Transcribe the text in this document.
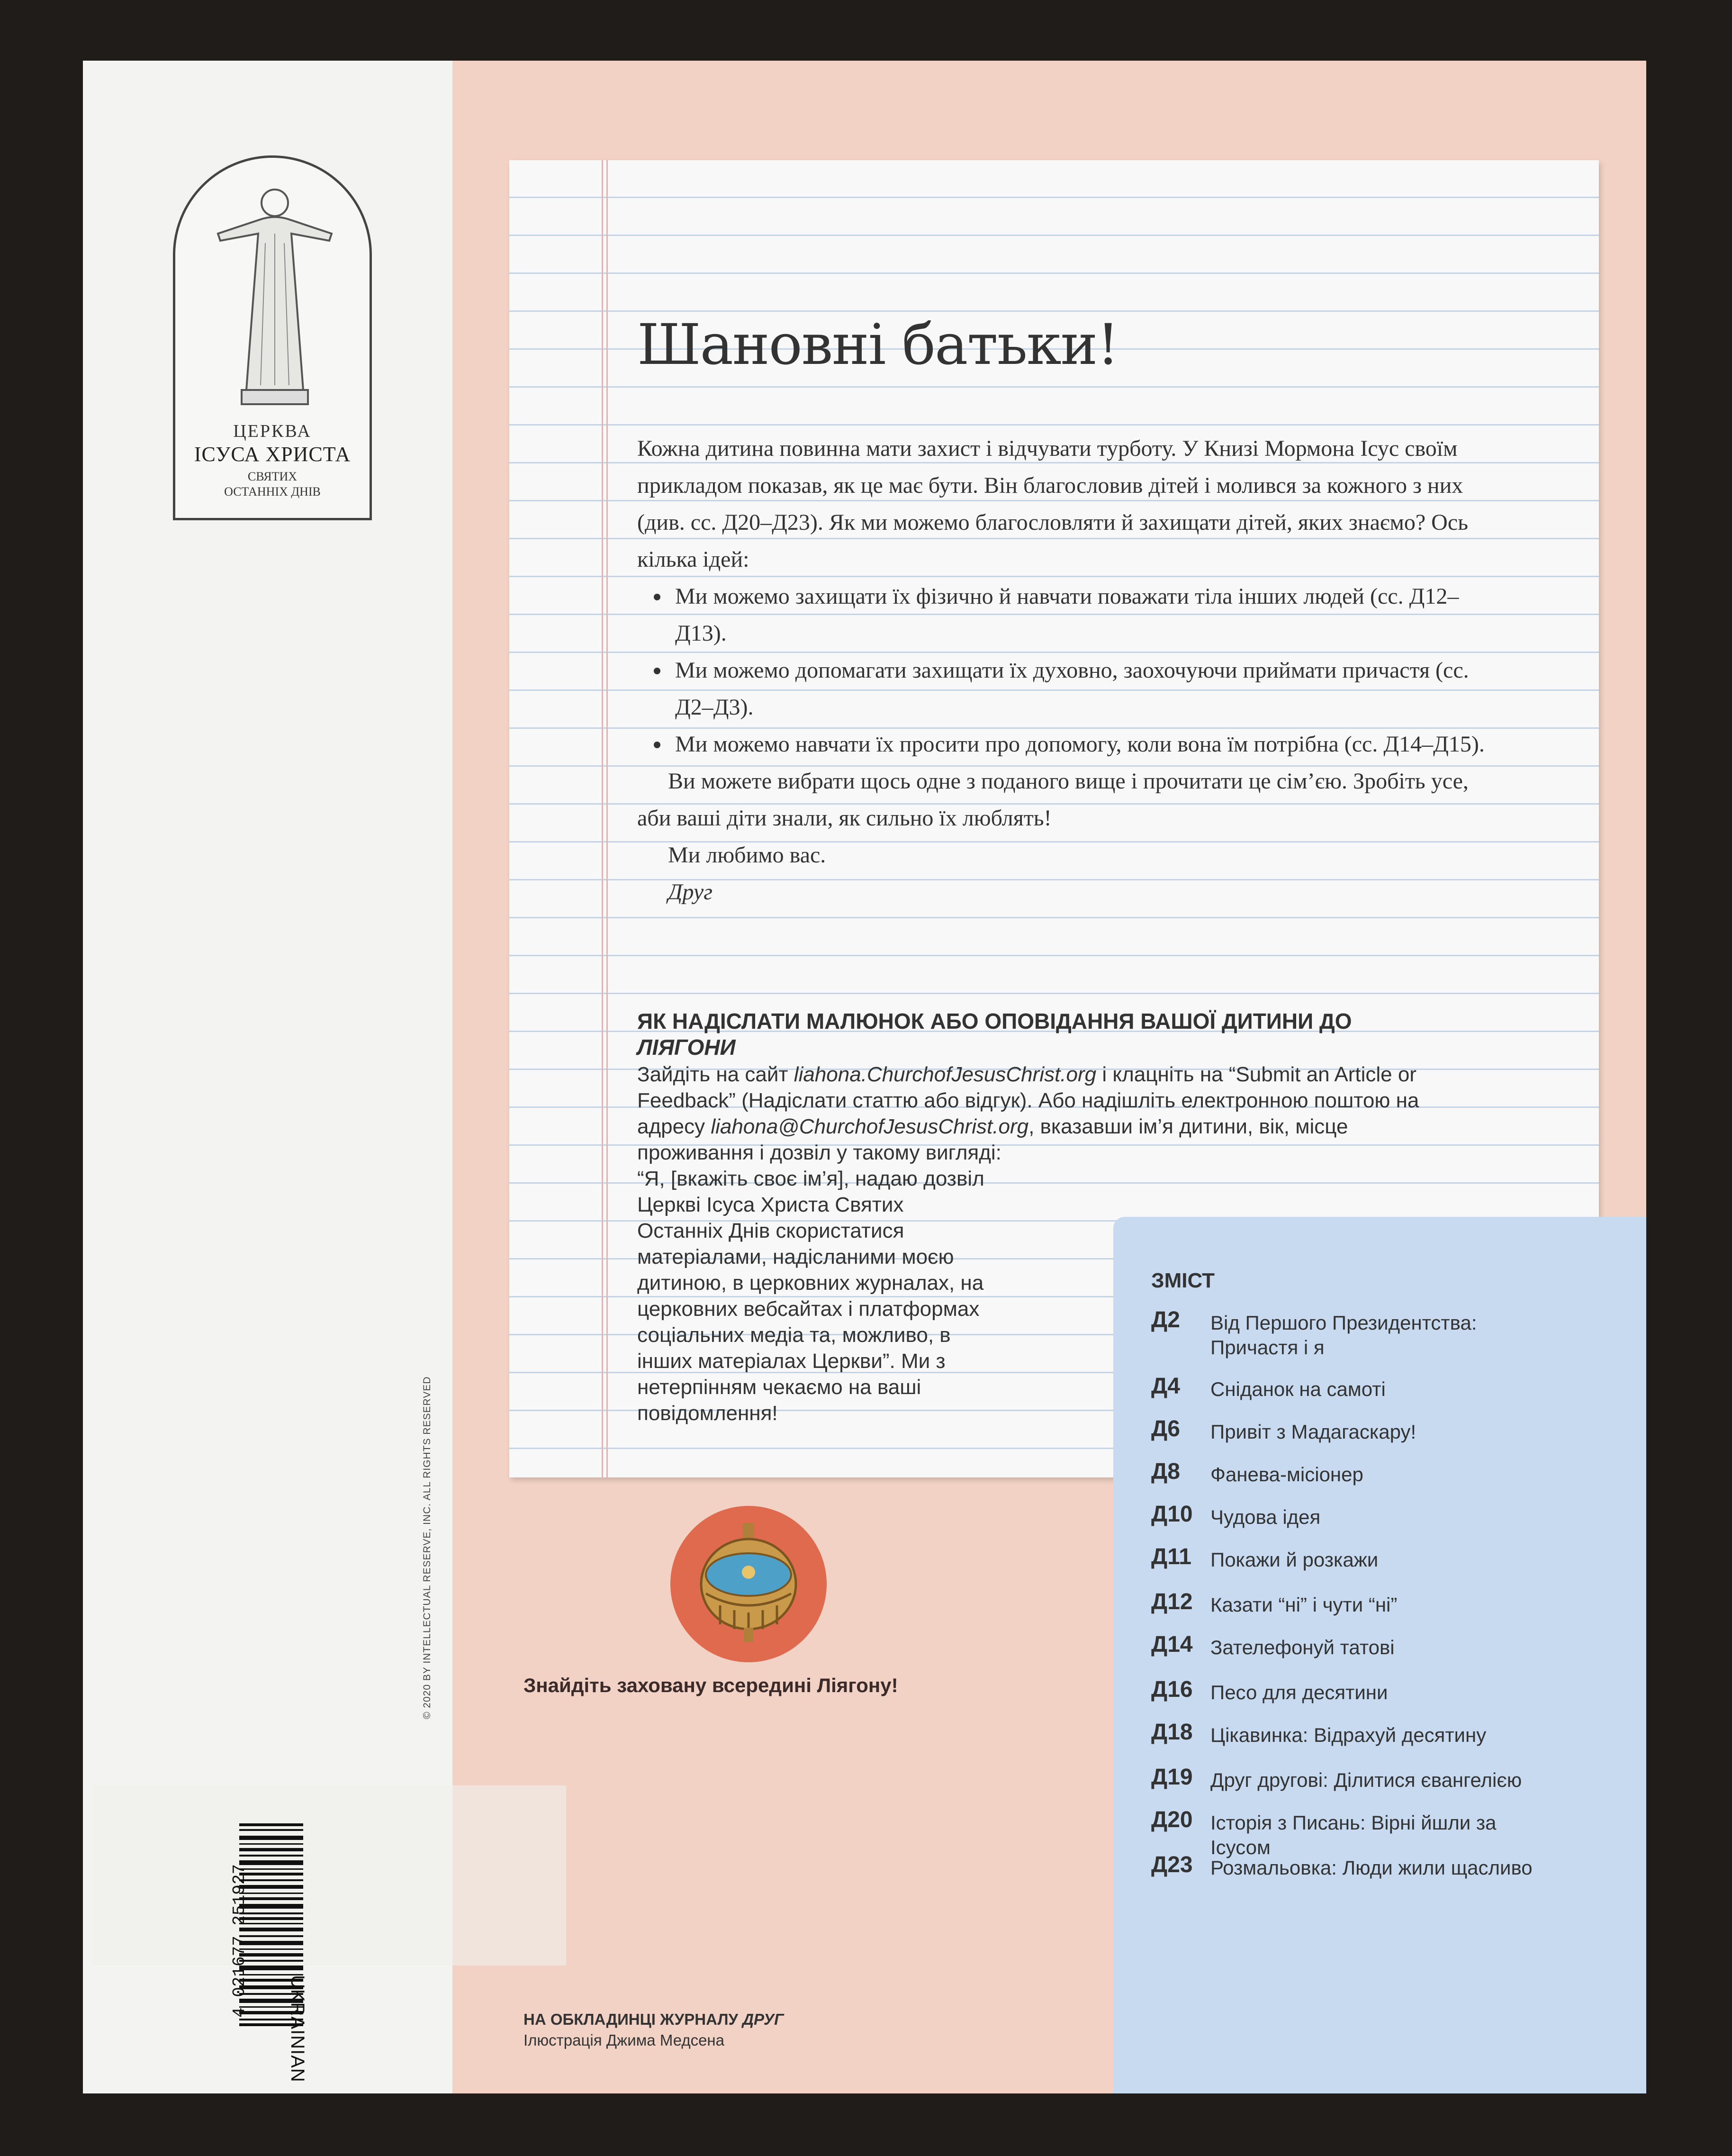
ЦЕРКВА
ІСУСА ХРИСТА
СВЯТИХ
ОСТАННІХ ДНІВ
4 021677 251927
UKRAINIAN
© 2020 BY INTELLECTUAL RESERVE, INC. ALL RIGHTS RESERVED
Шановні батьки!

Кожна дитина повинна мати захист і відчувати турботу. У Книзі Мормона Ісус своїм прикладом показав, як це має бути. Він благословив дітей і молився за кожного з них (див. сс. Д20–Д23). Як ми можемо благословляти й захищати дітей, яких знаємо? Ось кілька ідей:

• Ми можемо захищати їх фізично й навчати поважати тіла інших людей (сс. Д12–Д13).
• Ми можемо допомагати захищати їх духовно, заохочуючи приймати причастя (сс. Д2–Д3).
• Ми можемо навчати їх просити про допомогу, коли вона їм потрібна (сс. Д14–Д15).

Ви можете вибрати щось одне з поданого вище і прочитати це сім’єю. Зробіть усе, аби ваші діти знали, як сильно їх люблять!

Ми любимо вас.

Друг

ЯК НАДІСЛАТИ МАЛЮНОК АБО ОПОВІДАННЯ ВАШОЇ ДИТИНИ ДО ЛІЯГОНИ
Зайдіть на сайт liahona.ChurchofJesusChrist.org і клацніть на “Submit an Article or Feedback” (Надіслати статтю або відгук). Або надішліть електронною поштою на адресу liahona@ChurchofJesusChrist.org, вказавши ім’я дитини, вік, місце проживання і дозвіл у такому вигляді:
“Я, [вкажіть своє ім’я], надаю дозвіл Церкві Ісуса Христа Святих Останніх Днів скористатися матеріалами, надісланими моєю дитиною, в церковних журналах, на церковних вебсайтах і платформах соціальних медіа та, можливо, в інших матеріалах Церкви”. Ми з нетерпінням чекаємо на ваші повідомлення!
Знайдіть заховану всередині Ліягону!
НА ОБКЛАДИНЦІ ЖУРНАЛУ ДРУГ
Ілюстрація Джима Медсена
ЗМІСТ
Д2 Від Першого Президентства: Причастя і я
Д4 Сніданок на самоті
Д6 Привіт з Мадагаскару!
Д8 Фанева-місіонер
Д10 Чудова ідея
Д11 Покажи й розкажи
Д12 Казати “ні” і чути “ні”
Д14 Зателефонуй татові
Д16 Песо для десятини
Д18 Цікавинка: Відрахуй десятину
Д19 Друг другові: Ділитися євангелією
Д20 Історія з Писань: Вірні йшли за Ісусом
Д23 Розмальовка: Люди жили щасливо
